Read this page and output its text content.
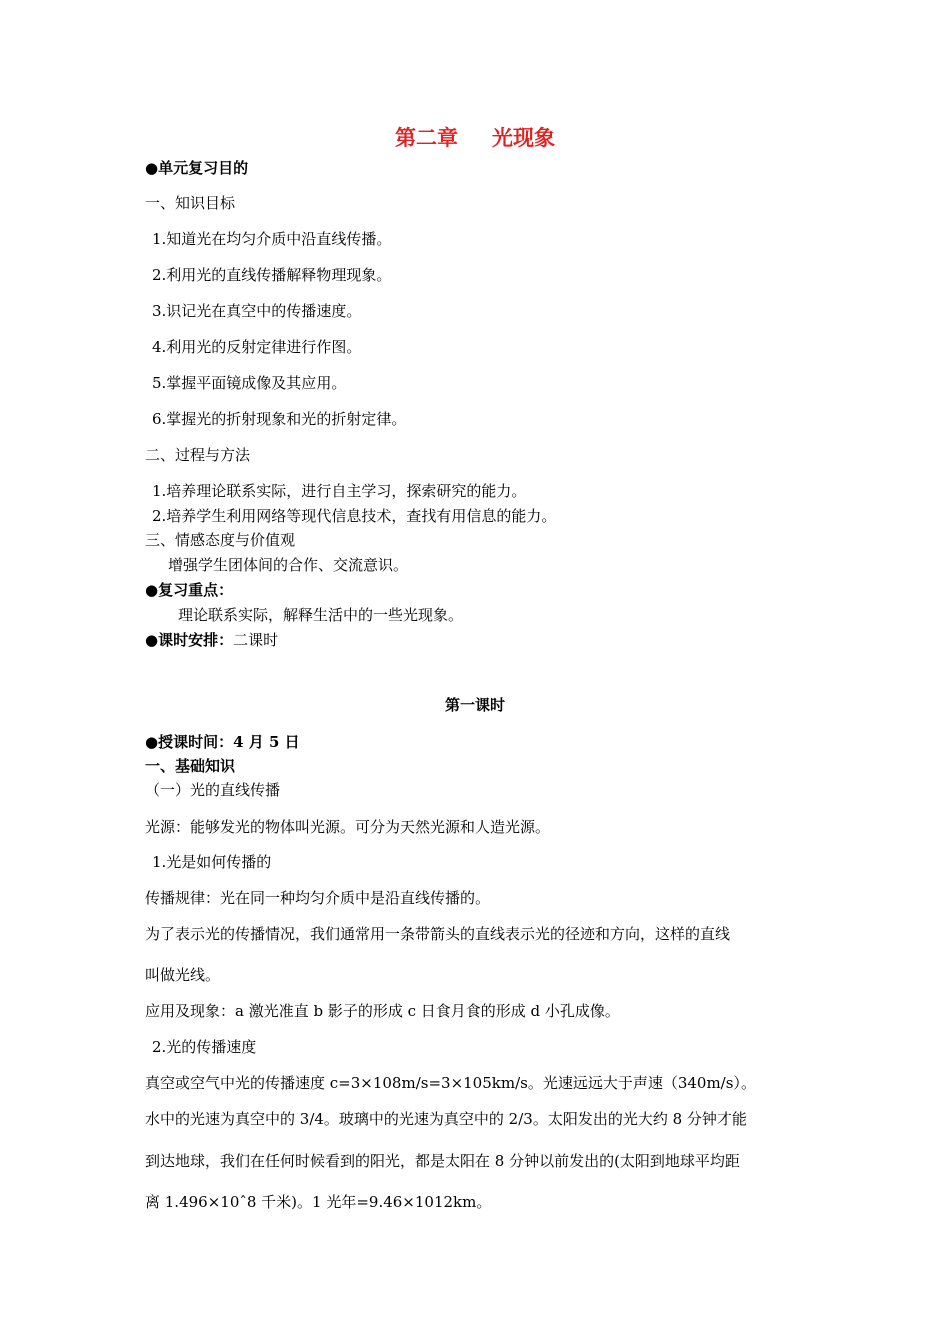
第二章 光现象
●单元复习目的
一、知识目标
1.知道光在均匀介质中沿直线传播。
2.利用光的直线传播解释物理现象。
3.识记光在真空中的传播速度。
4.利用光的反射定律进行作图。
5.掌握平面镜成像及其应用。
6.掌握光的折射现象和光的折射定律。
二、过程与方法
1.培养理论联系实际，进行自主学习，探索研究的能力。
2.培养学生利用网络等现代信息技术，查找有用信息的能力。
三、情感态度与价值观
增强学生团体间的合作、交流意识。
●复习重点：
理论联系实际，解释生活中的一些光现象。
●课时安排：二课时
第一课时
●授课时间：4 月 5 日
一、基础知识
（一）光的直线传播
光源：能够发光的物体叫光源。可分为天然光源和人造光源。
1.光是如何传播的
传播规律：光在同一种均匀介质中是沿直线传播的。
为了表示光的传播情况，我们通常用一条带箭头的直线表示光的径迹和方向，这样的直线
叫做光线。
应用及现象：a 激光准直 b 影子的形成 c 日食月食的形成 d 小孔成像。
2.光的传播速度
真空或空气中光的传播速度 c=3×108m/s=3×105km/s。光速远远大于声速（340m/s）。
水中的光速为真空中的 3/4。玻璃中的光速为真空中的 2/3。太阳发出的光大约 8 分钟才能
到达地球，我们在任何时候看到的阳光，都是太阳在 8 分钟以前发出的(太阳到地球平均距
离 1.496×10ˆ8 千米)。1 光年=9.46×1012km。
